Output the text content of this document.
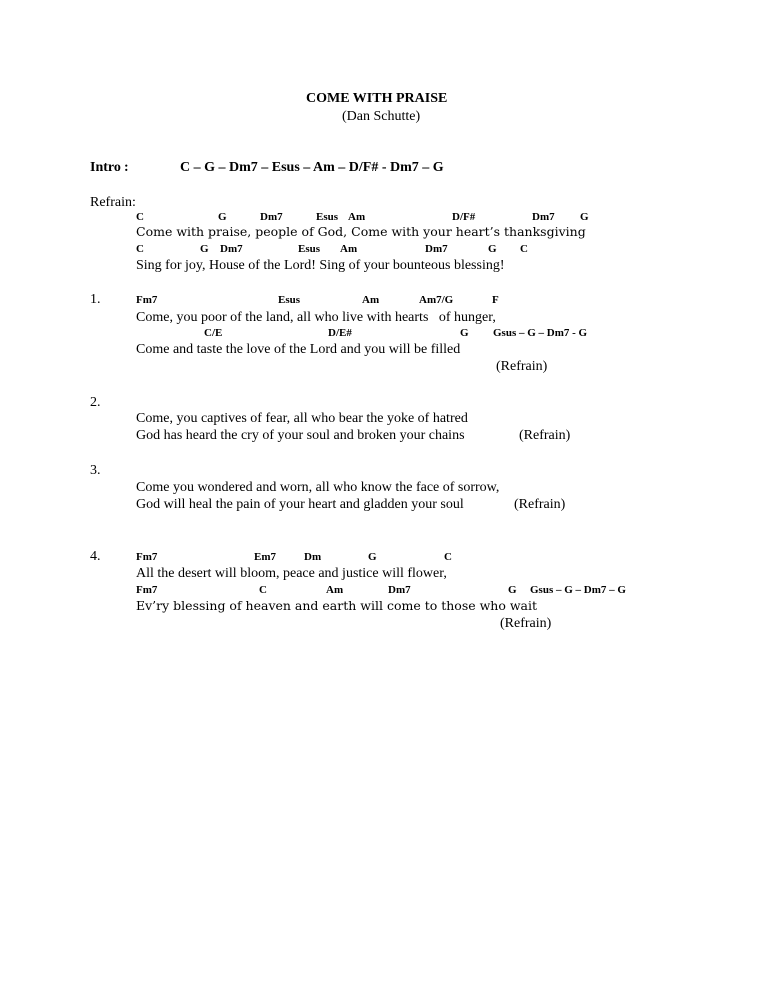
COME WITH PRAISE
(Dan Schutte)
Intro :	C – G – Dm7 – Esus – Am – D/F# - Dm7 – G
Refrain:
C	G	Dm7	Esus Am	D/F#	Dm7 G
Come with praise, people of God, Come with your heart’s thanksgiving
C	G Dm7	Esus Am	Dm7	G C
Sing for joy, House of the Lord! Sing of your bounteous blessing!
1.	Fm7	Esus	Am	Am7/G	F
Come, you poor of the land, all who live with hearts   of hunger,
C/E	D/E#	G Gsus – G – Dm7 - G
Come and taste the love of the Lord and you will be filled
(Refrain)
2.
Come, you captives of fear, all who bear the yoke of hatred
God has heard the cry of your soul and broken your chains	(Refrain)
3.
Come you wondered and worn, all who know the face of sorrow,
God will heal the pain of your heart and gladden your soul	(Refrain)
4.	Fm7	Em7	Dm	G	C
All the desert will bloom, peace and justice will flower,
Fm7	C	Am	Dm7	G Gsus – G – Dm7 – G
Ev’ry blessing of heaven and earth will come to those who wait
(Refrain)
